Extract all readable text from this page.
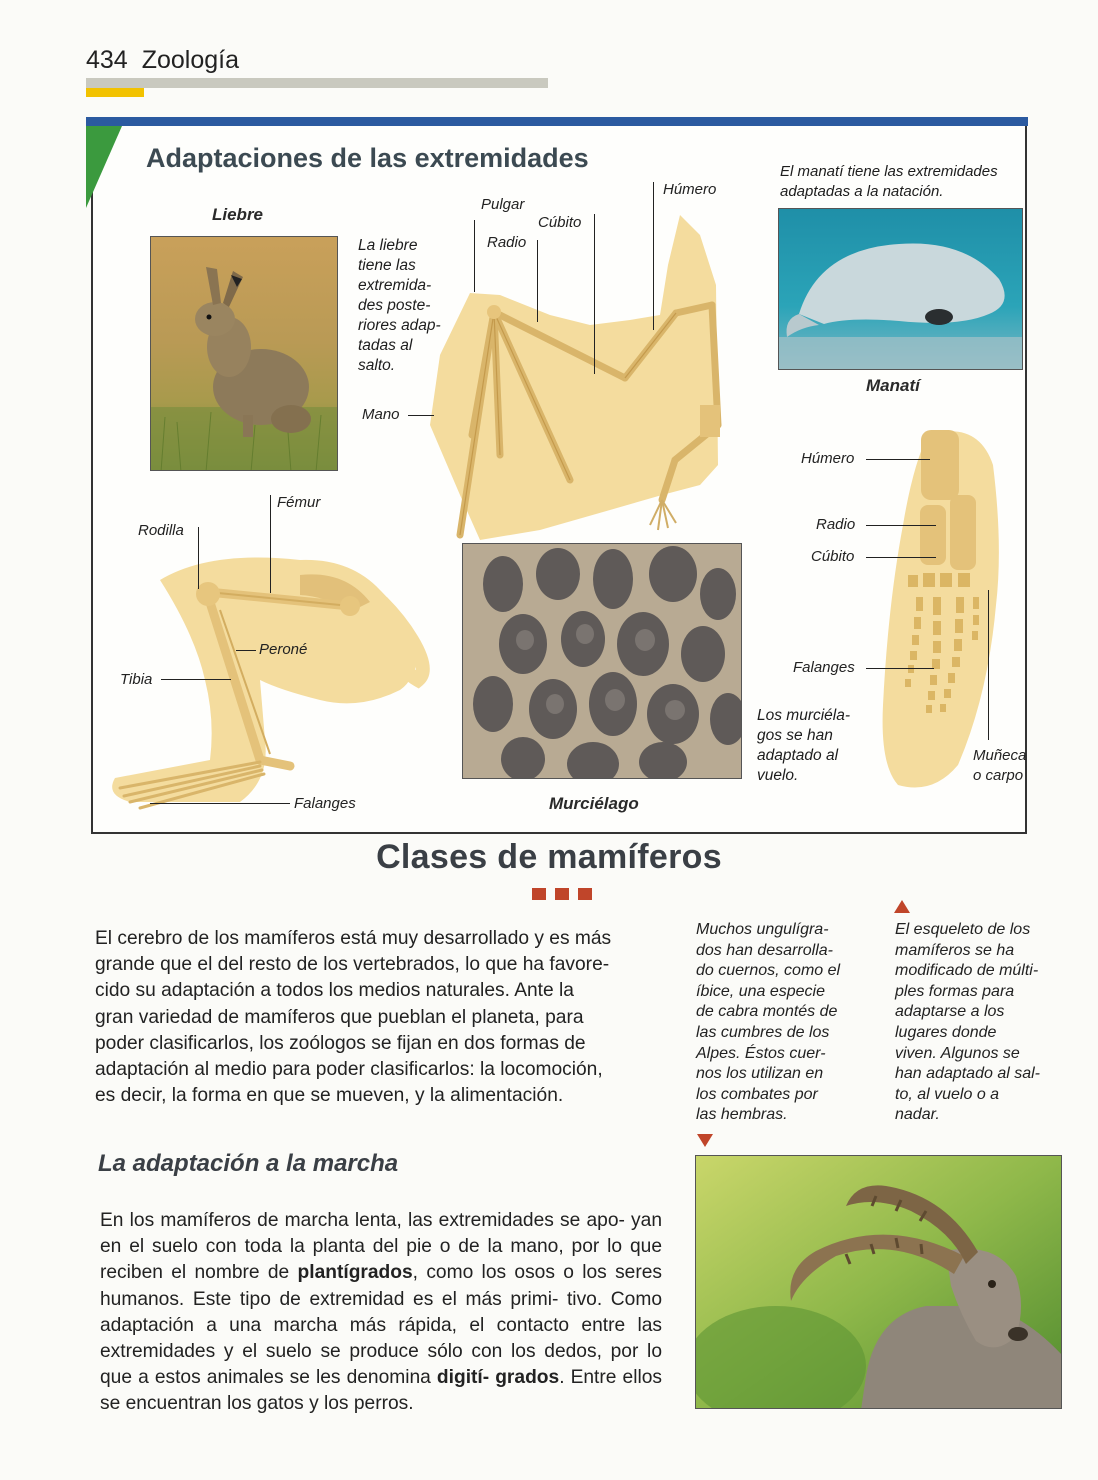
434 Zoología
Adaptaciones de las extremidades
Liebre
La liebre
tiene las
extremida-
des poste-
riores adap-
tadas al
salto.
Pulgar
Cúbito
Radio
Húmero
Mano
El manatí tiene las extremidades
adaptadas a la natación.
Manatí
Húmero
Radio
Cúbito
Falanges
Muñeca
o carpo
Rodilla
Fémur
Peroné
Tibia
Falanges
Los murciéla-
gos se han
adaptado al
vuelo.
Murciélago
Clases de mamíferos
El cerebro de los mamíferos está muy desarrollado y es más
grande que el del resto de los vertebrados, lo que ha favore-
cido su adaptación a todos los medios naturales. Ante la
gran variedad de mamíferos que pueblan el planeta, para
poder clasificarlos, los zoólogos se fijan en dos formas de
adaptación al medio para poder clasificarlos: la locomoción,
es decir, la forma en que se mueven, y la alimentación.
Muchos ungulígra-
dos han desarrolla-
do cuernos, como el
íbice, una especie
de cabra montés de
las cumbres de los
Alpes. Éstos cuer-
nos los utilizan en
los combates por
las hembras.
El esqueleto de los
mamíferos se ha
modificado de múlti-
ples formas para
adaptarse a los
lugares donde
viven. Algunos se
han adaptado al sal-
to, al vuelo o a
nadar.
La adaptación a la marcha
En los mamíferos de marcha lenta, las extremidades se apo- yan en el suelo con toda la planta del pie o de la mano, por lo que reciben el nombre de plantígrados, como los osos o los seres humanos. Este tipo de extremidad es el más primi- tivo. Como adaptación a una marcha más rápida, el contacto entre las extremidades y el suelo se produce sólo con los dedos, por lo que a estos animales se les denomina digití- grados. Entre ellos se encuentran los gatos y los perros.
